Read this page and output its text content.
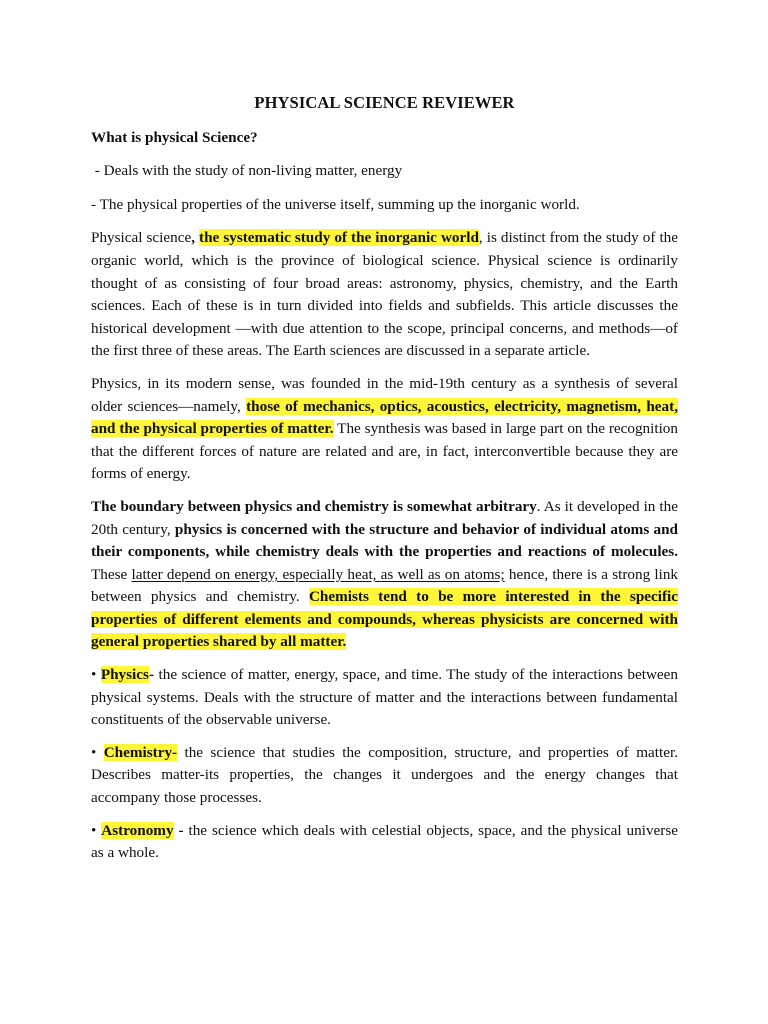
PHYSICAL SCIENCE REVIEWER
What is physical Science?

- Deals with the study of non-living matter, energy

- The physical properties of the universe itself, summing up the inorganic world.

Physical science, the systematic study of the inorganic world, is distinct from the study of the organic world, which is the province of biological science. Physical science is ordinarily thought of as consisting of four broad areas: astronomy, physics, chemistry, and the Earth sciences. Each of these is in turn divided into fields and subfields. This article discusses the historical development —with due attention to the scope, principal concerns, and methods—of the first three of these areas. The Earth sciences are discussed in a separate article.

Physics, in its modern sense, was founded in the mid-19th century as a synthesis of several older sciences—namely, those of mechanics, optics, acoustics, electricity, magnetism, heat, and the physical properties of matter. The synthesis was based in large part on the recognition that the different forces of nature are related and are, in fact, interconvertible because they are forms of energy.

The boundary between physics and chemistry is somewhat arbitrary. As it developed in the 20th century, physics is concerned with the structure and behavior of individual atoms and their components, while chemistry deals with the properties and reactions of molecules. These latter depend on energy, especially heat, as well as on atoms; hence, there is a strong link between physics and chemistry. Chemists tend to be more interested in the specific properties of different elements and compounds, whereas physicists are concerned with general properties shared by all matter.

• Physics- the science of matter, energy, space, and time. The study of the interactions between physical systems. Deals with the structure of matter and the interactions between fundamental constituents of the observable universe.

• Chemistry- the science that studies the composition, structure, and properties of matter. Describes matter-its properties, the changes it undergoes and the energy changes that accompany those processes.

• Astronomy - the science which deals with celestial objects, space, and the physical universe as a whole.
